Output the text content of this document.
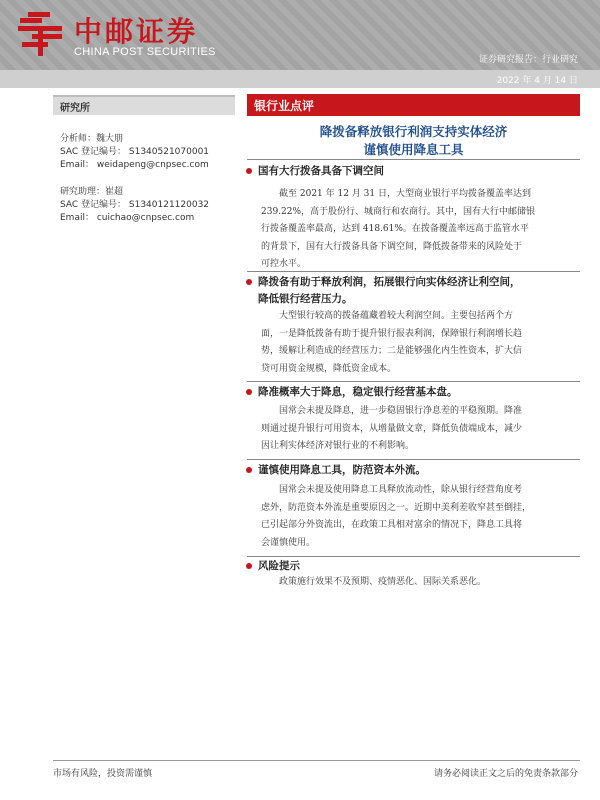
中邮证券
CHINA POST SECURITIES
证券研究报告：行业研究
2022 年 4 月 14 日
研究所
分析师：魏大朋
SAC 登记编号： S1340521070001
Email： weidapeng@cnpsec.com
研究助理：崔超
SAC 登记编号： S1340121120032
Email： cuichao@cnpsec.com
银行业点评
降拨备释放银行利润支持实体经济
谨慎使用降息工具
国有大行拨备具备下调空间
截至 2021 年 12 月 31 日，大型商业银行平均拨备覆盖率达到
239.22%，高于股份行、城商行和农商行。其中，国有大行中邮储银
行拨备覆盖率最高，达到 418.61%。在拨备覆盖率远高于监管水平
的背景下，国有大行拨备具备下调空间，降低拨备带来的风险处于
可控水平。
降拨备有助于释放利润，拓展银行向实体经济让利空间，
降低银行经营压力。
大型银行较高的拨备蕴藏着较大利润空间。主要包括两个方
面，一是降低拨备有助于提升银行报表利润，保障银行利润增长趋
势，缓解让利造成的经营压力；二是能够强化内生性资本，扩大信
贷可用资金规模，降低资金成本。
降准概率大于降息，稳定银行经营基本盘。
国常会未提及降息，进一步稳固银行净息差的平稳预期。降准
则通过提升银行可用资本，从增量做文章，降低负债端成本，减少
因让利实体经济对银行业的不利影响。
谨慎使用降息工具，防范资本外流。
国常会未提及使用降息工具释放流动性，除从银行经营角度考
虑外，防范资本外流是重要原因之一。近期中美利差收窄甚至倒挂，
已引起部分外资流出，在政策工具相对富余的情况下，降息工具将
会谨慎使用。
风险提示
政策施行效果不及预期、疫情恶化、国际关系恶化。
市场有风险，投资需谨慎	请务必阅读正文之后的免责条款部分
